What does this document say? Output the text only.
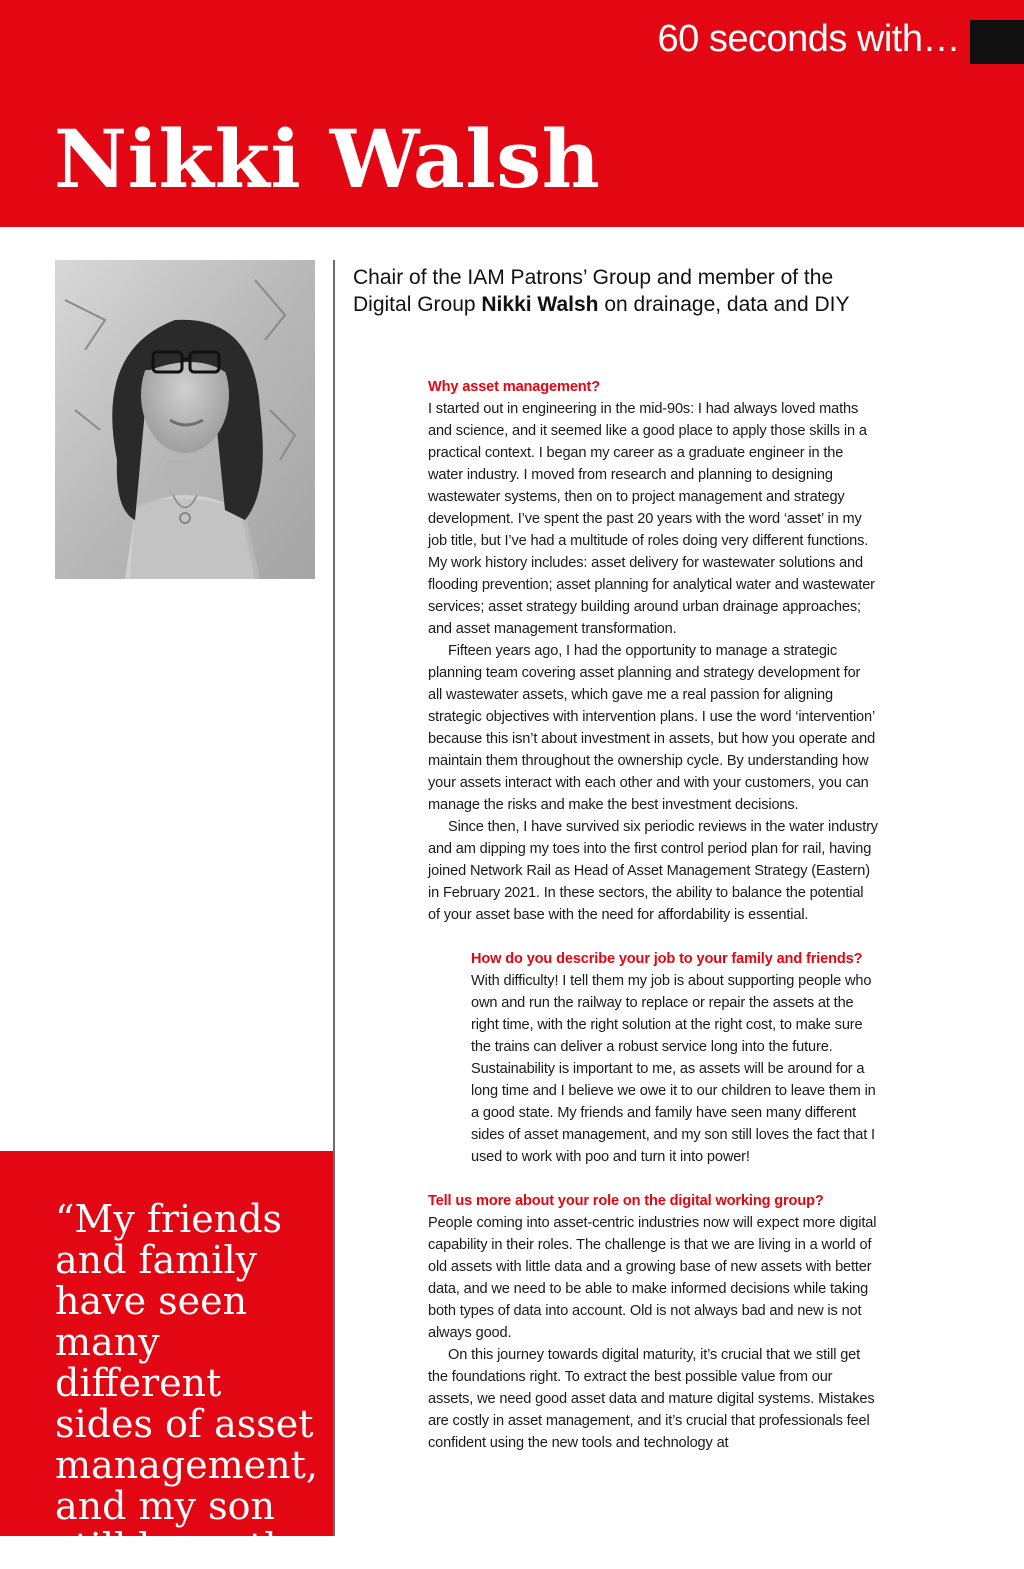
60 seconds with…
Nikki Walsh
Chair of the IAM Patrons’ Group and member of the Digital Group Nikki Walsh on drainage, data and DIY

Why asset management?

I started out in engineering in the mid-90s: I had always loved maths and science, and it seemed like a good place to apply those skills in a practical context. I began my career as a graduate engineer in the water industry. I moved from research and planning to designing wastewater systems, then on to project management and strategy development. I’ve spent the past 20 years with the word ‘asset’ in my job title, but I’ve had a multitude of roles doing very different functions. My work history includes: asset delivery for wastewater solutions and flooding prevention; asset planning for analytical water and wastewater services; asset strategy building around urban drainage approaches; and asset management transformation.

Fifteen years ago, I had the opportunity to manage a strategic planning team covering asset planning and strategy development for all wastewater assets, which gave me a real passion for aligning strategic objectives with intervention plans. I use the word ‘intervention’ because this isn’t about investment in assets, but how you operate and maintain them throughout the ownership cycle. By understanding how your assets interact with each other and with your customers, you can manage the risks and make the best investment decisions.

Since then, I have survived six periodic reviews in the water industry and am dipping my toes into the first control period plan for rail, having joined Network Rail as Head of Asset Management Strategy (Eastern) in February 2021. In these sectors, the ability to balance the potential of your asset base with the need for affordability is essential.

How do you describe your job to your family and friends?

With difficulty! I tell them my job is about supporting people who own and run the railway to replace or repair the assets at the right time, with the right solution at the right cost, to make sure the trains can deliver a robust service long into the future. Sustainability is important to me, as assets will be around for a long time and I believe we owe it to our children to leave them in a good state. My friends and family have seen many different sides of asset management, and my son still loves the fact that I used to work with poo and turn it into power!

Tell us more about your role on the digital working group?

People coming into asset-centric industries now will expect more digital capability in their roles. The challenge is that we are living in a world of old assets with little data and a growing base of new assets with better data, and we need to be able to make informed decisions while taking both types of data into account. Old is not always bad and new is not always good.

On this journey towards digital maturity, it’s crucial that we still get the foundations right. To extract the best possible value from our assets, we need good asset data and mature digital systems. Mistakes are costly in asset management, and it’s crucial that professionals feel confident using the new tools and technology at

“My friends and family have seen many different sides of asset management, and my son still loves the
